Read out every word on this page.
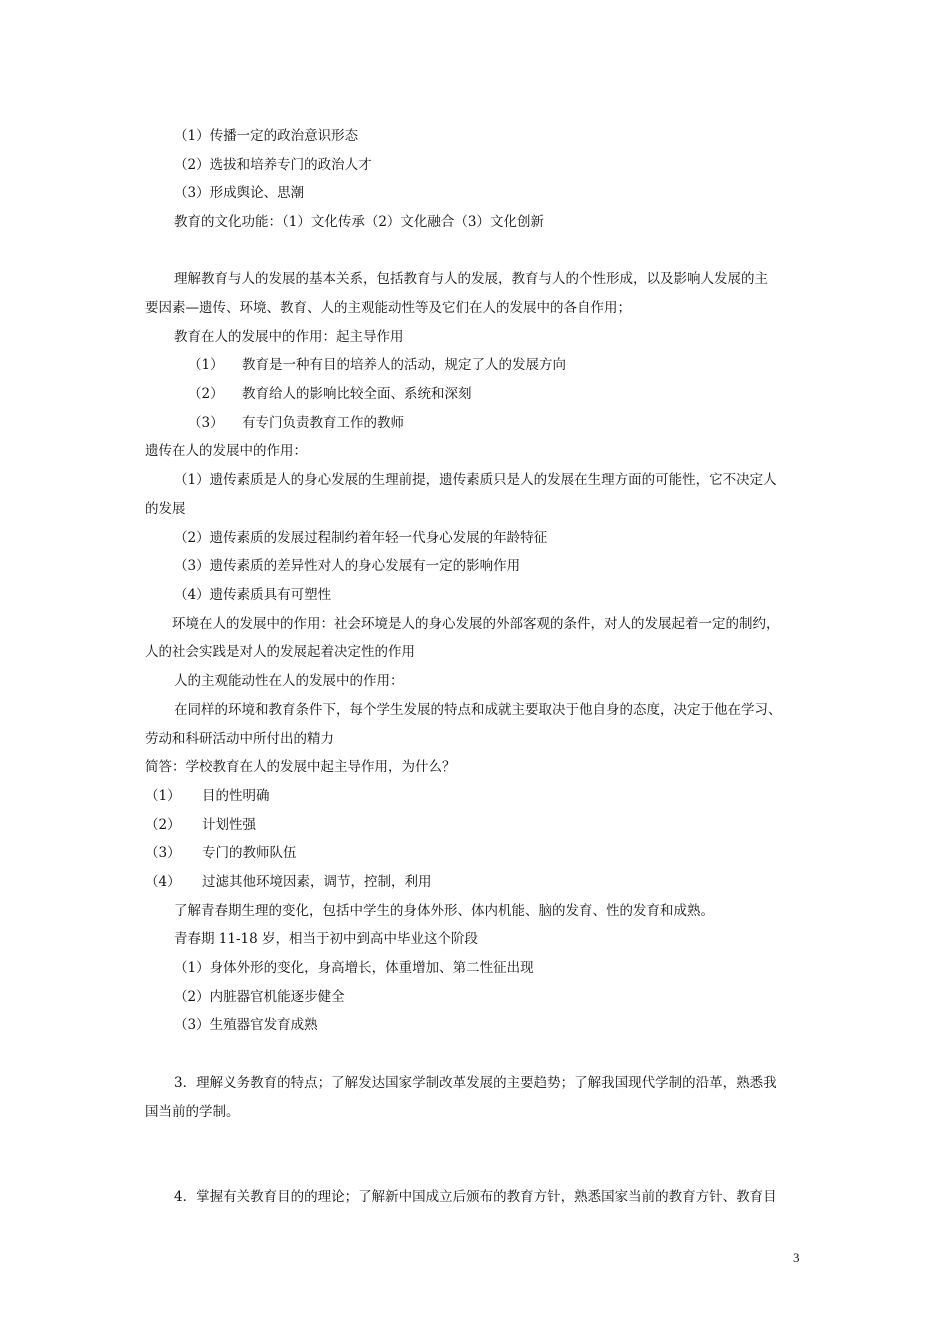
（1）传播一定的政治意识形态
（2）选拔和培养专门的政治人才
（3）形成舆论、思潮
教育的文化功能：（1）文化传承（2）文化融合（3）文化创新
理解教育与人的发展的基本关系，包括教育与人的发展，教育与人的个性形成，以及影响人发展的主
要因素—遗传、环境、教育、人的主观能动性等及它们在人的发展中的各自作用；
教育在人的发展中的作用：起主导作用
（1） 教育是一种有目的培养人的活动，规定了人的发展方向
（2） 教育给人的影响比较全面、系统和深刻
（3） 有专门负责教育工作的教师
遗传在人的发展中的作用：
（1）遗传素质是人的身心发展的生理前提，遗传素质只是人的发展在生理方面的可能性，它不决定人
的发展
（2）遗传素质的发展过程制约着年轻一代身心发展的年龄特征
（3）遗传素质的差异性对人的身心发展有一定的影响作用
（4）遗传素质具有可塑性
环境在人的发展中的作用：社会环境是人的身心发展的外部客观的条件，对人的发展起着一定的制约，
人的社会实践是对人的发展起着决定性的作用
人的主观能动性在人的发展中的作用：
在同样的环境和教育条件下，每个学生发展的特点和成就主要取决于他自身的态度，决定于他在学习、
劳动和科研活动中所付出的精力
简答：学校教育在人的发展中起主导作用，为什么？
（1） 目的性明确
（2） 计划性强
（3） 专门的教师队伍
（4） 过滤其他环境因素，调节，控制，利用
了解青春期生理的变化，包括中学生的身体外形、体内机能、脑的发育、性的发育和成熟。
青春期 11-18 岁，相当于初中到高中毕业这个阶段
（1）身体外形的变化，身高增长，体重增加、第二性征出现
（2）内脏器官机能逐步健全
（3）生殖器官发育成熟
3．理解义务教育的特点；了解发达国家学制改革发展的主要趋势；了解我国现代学制的沿革，熟悉我
国当前的学制。
4．掌握有关教育目的的理论；了解新中国成立后颁布的教育方针，熟悉国家当前的教育方针、教育目
3
